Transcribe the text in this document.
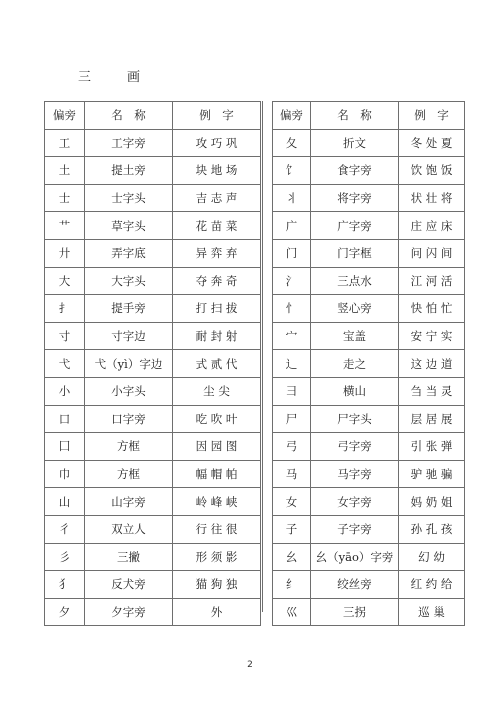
三	画
偏旁	名　称	例　字
工	工字旁	攻 巧 巩
土	提土旁	块 地 场
士	士字头	吉 志 声
艹	草字头	花 苗 菜
廾	弄字底	异 弈 弃
大	大字头	夺 奔 奇
扌	提手旁	打 扫 拔
寸	寸字边	耐 封 射
弋	弋（yì）字边	式 贰 代
小	小字头	尘 尖
口	口字旁	吃 吹 叶
囗	方框	因 园 图
巾	方框	幅 帽 帕
山	山字旁	岭 峰 峡
彳	双立人	行 往 很
彡	三撇	形 须 影
犭	反犬旁	猫 狗 独
夕	夕字旁	外
偏旁	名　称	例　字
夂	折文	冬 处 夏
饣	食字旁	饮 饱 饭
丬	将字旁	状 壮 将
广	广字旁	庄 应 床
门	门字框	问 闪 间
氵	三点水	江 河 活
忄	竖心旁	快 怕 忙
宀	宝盖	安 宁 实
辶	走之	这 边 道
彐	横山	刍 当 灵
尸	尸字头	层 居 展
弓	弓字旁	引 张 弹
马	马字旁	驴 驰 骗
女	女字旁	妈 奶 姐
子	子字旁	孙 孔 孩
幺	幺（yāo）字旁	幻 幼
纟	绞丝旁	红 约 给
巛	三拐	巡 巢
2
